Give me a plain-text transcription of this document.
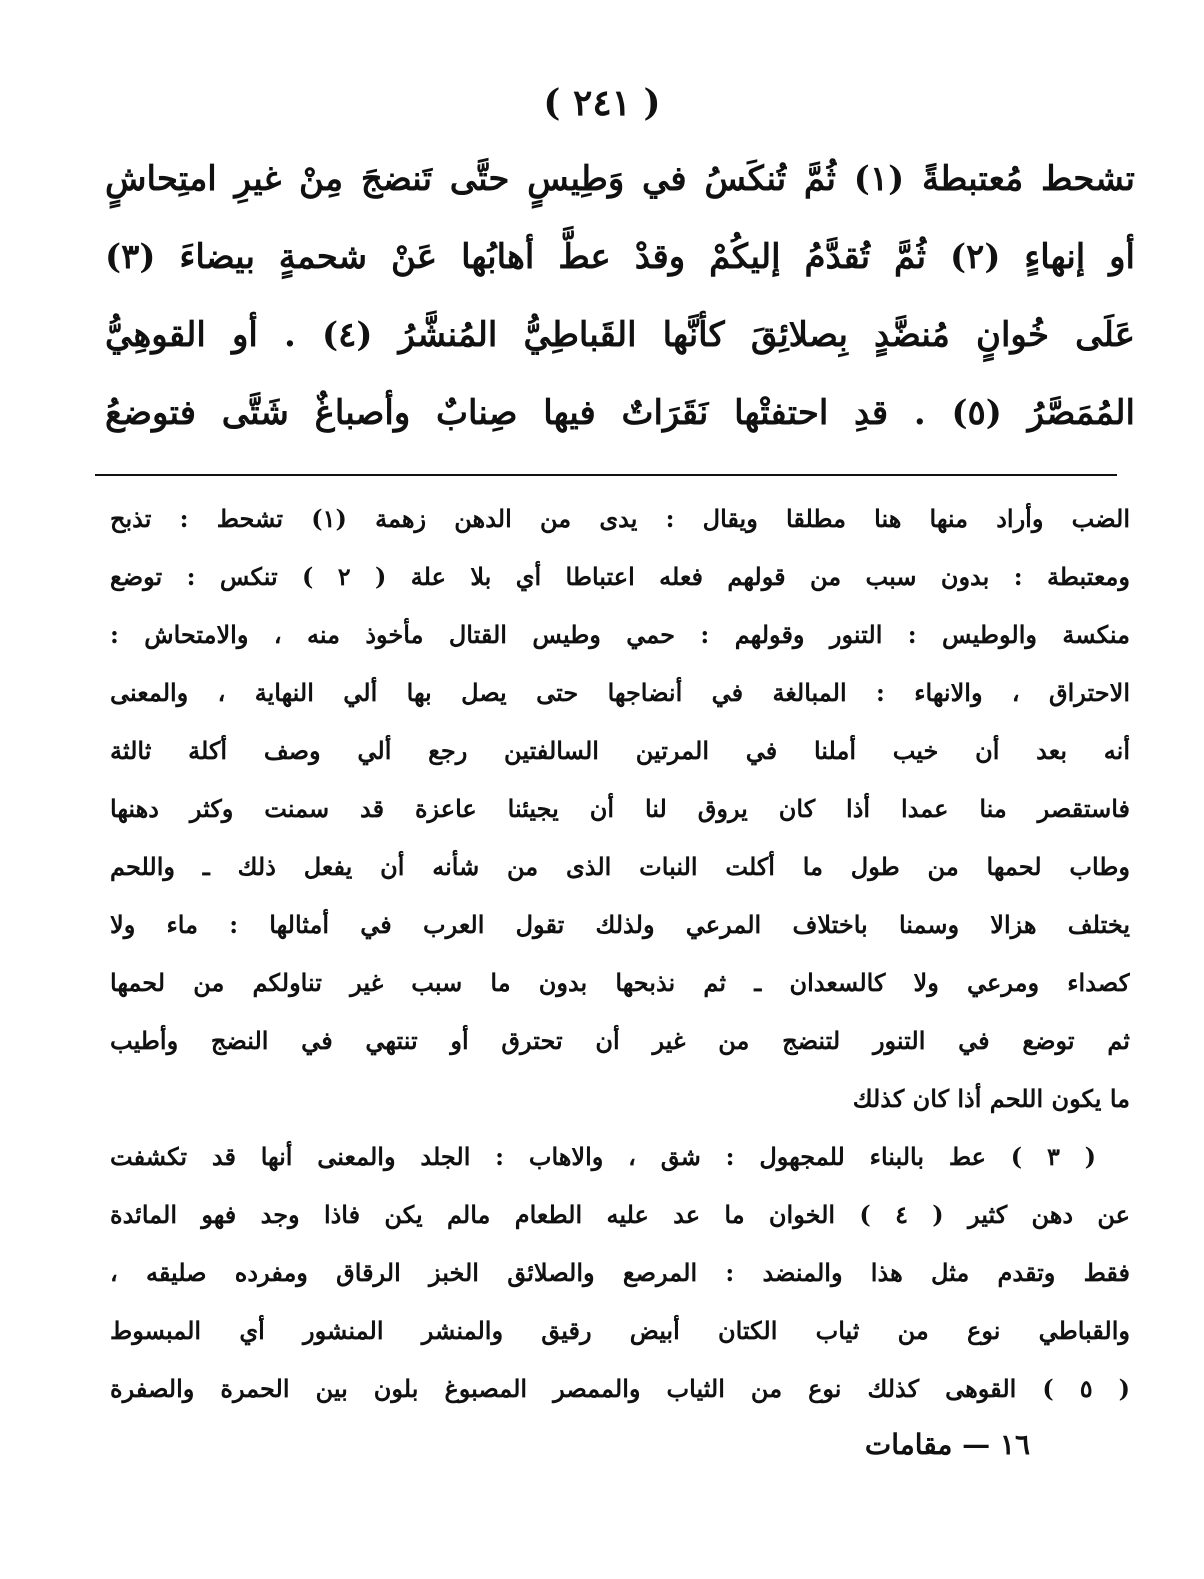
( ٢٤١ )
تشحط مُعتبطةً (١) ثُمَّ تُنكَسُ في وَطِيسٍ حتَّى تَنضجَ مِنْ غيرِ امتِحاشٍ
أو إنهاءٍ (٢) ثُمَّ تُقدَّمُ إليكُمْ وقدْ عطَّ أهابُها عَنْ شحمةٍ بيضاءَ (٣)
عَلَى خُوانٍ مُنضَّدٍ بِصلائِقَ كأنَّها القَباطِيُّ المُنشَّرُ (٤) . أو القوهِيُّ
المُمَصَّرُ (٥) . قدِ احتفتْها نَقَرَاتٌ فيها صِنابٌ وأصباغٌ شَتَّى فتوضعُ
الضب وأراد منها هنا مطلقا ويقال : يدى من الدهن زهمة (١) تشحط : تذبح
ومعتبطة : بدون سبب من قولهم فعله اعتباطا أي بلا علة ( ٢ ) تنكس : توضع
منكسة والوطيس : التنور وقولهم : حمي وطيس القتال مأخوذ منه ، والامتحاش :
الاحتراق ، والانهاء : المبالغة في أنضاجها حتى يصل بها ألي النهاية ، والمعنى
أنه بعد أن خيب أملنا في المرتين السالفتين رجع ألي وصف أكلة ثالثة
فاستقصر منا عمدا أذا كان يروق لنا أن يجيئنا عاعزة قد سمنت وكثر دهنها
وطاب لحمها من طول ما أكلت النبات الذى من شأنه أن يفعل ذلك ـ واللحم
يختلف هزالا وسمنا باختلاف المرعي ولذلك تقول العرب في أمثالها : ماء ولا
كصداء ومرعي ولا كالسعدان ـ ثم نذبحها بدون ما سبب غير تناولكم من لحمها
ثم توضع في التنور لتنضج من غير أن تحترق أو تنتهي في النضج وأطيب
ما يكون اللحم أذا كان كذلك
( ٣ ) عط بالبناء للمجهول : شق ، والاهاب : الجلد والمعنى أنها قد تكشفت
عن دهن كثير ( ٤ ) الخوان ما عد عليه الطعام مالم يكن فاذا وجد فهو المائدة
فقط وتقدم مثل هذا والمنضد : المرصع والصلائق الخبز الرقاق ومفرده صليقه ،
والقباطي نوع من ثياب الكتان أبيض رقيق والمنشر المنشور أي المبسوط
( ٥ ) القوهى كذلك نوع من الثياب والممصر المصبوغ بلون بين الحمرة والصفرة
١٦ — مقامات
